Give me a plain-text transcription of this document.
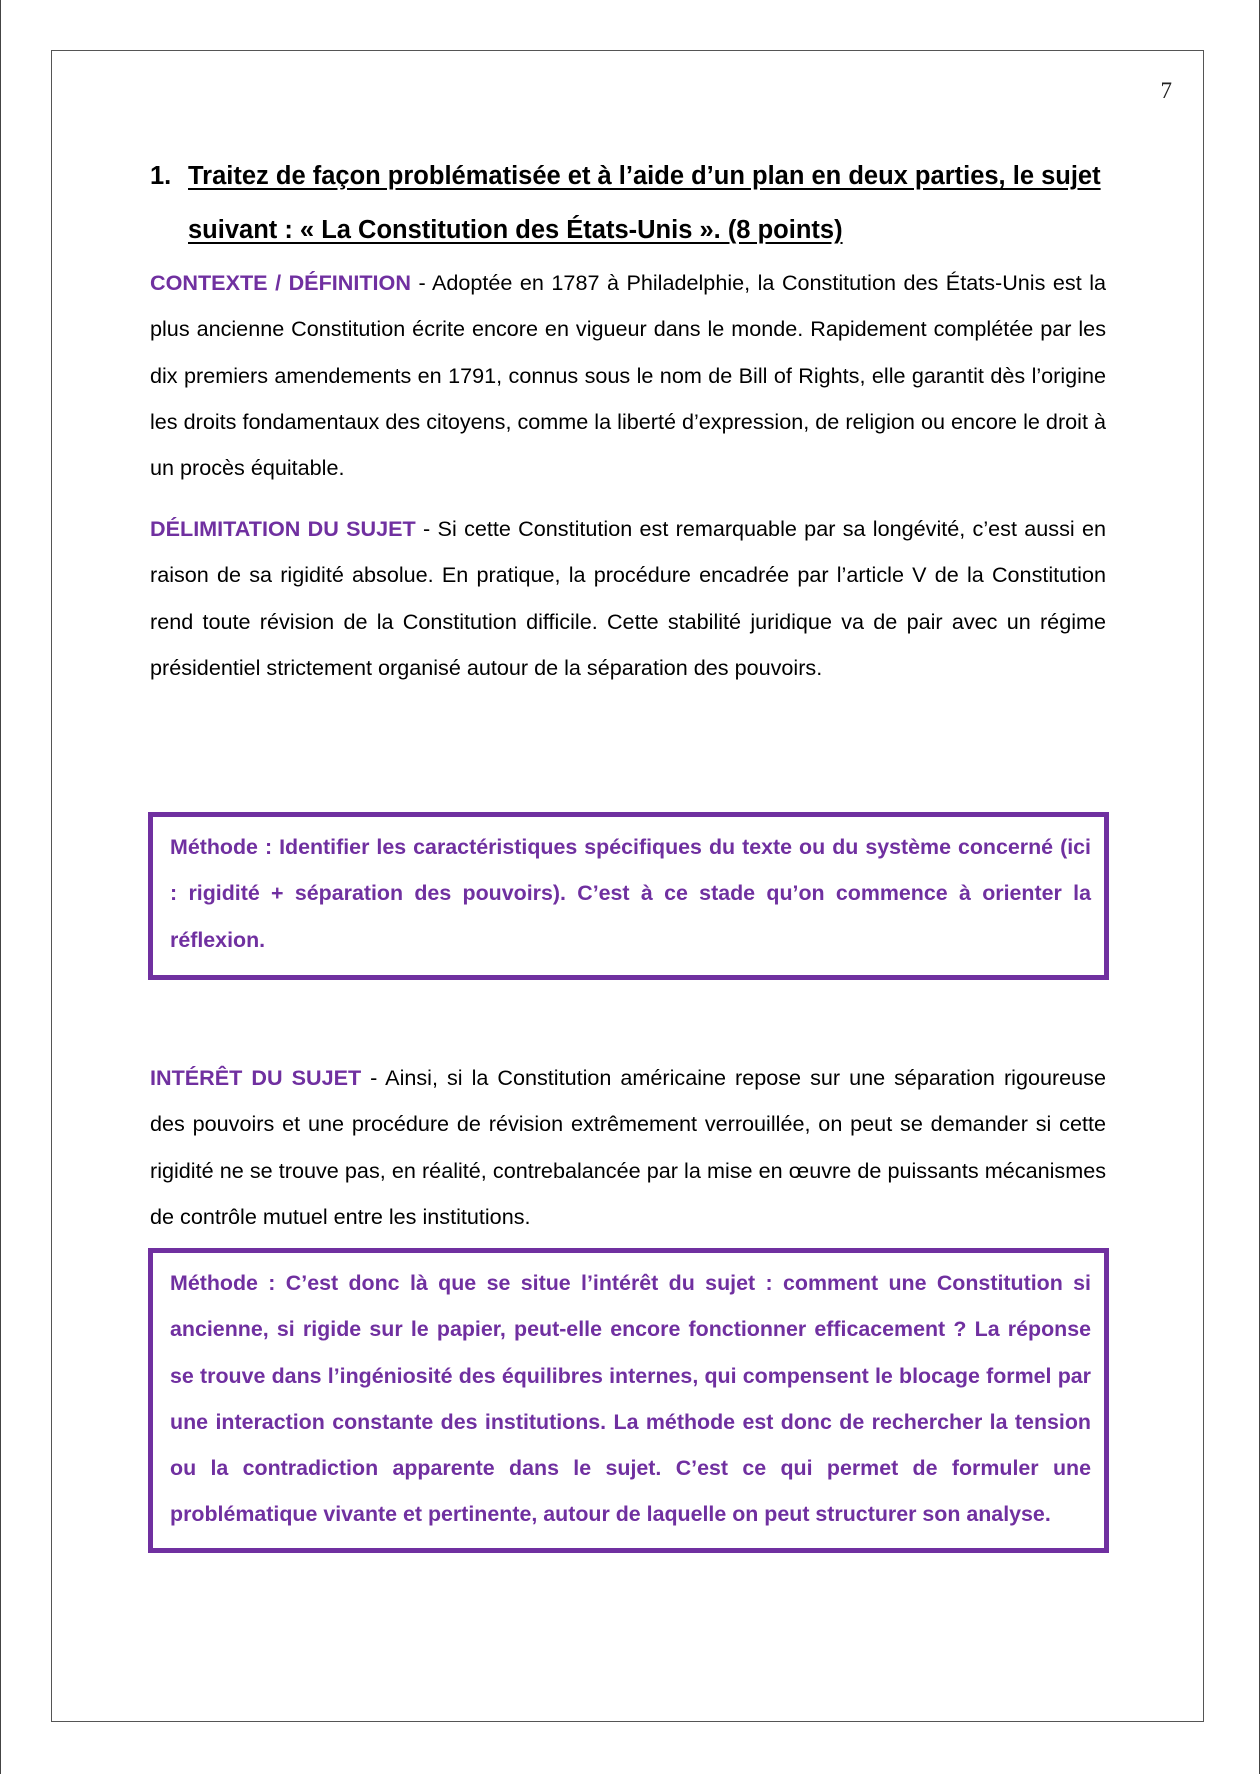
7
1. Traitez de façon problématisée et à l’aide d’un plan en deux parties, le sujet suivant : « La Constitution des États-Unis ». (8 points)

CONTEXTE / DÉFINITION - Adoptée en 1787 à Philadelphie, la Constitution des États-Unis est la plus ancienne Constitution écrite encore en vigueur dans le monde. Rapidement complétée par les dix premiers amendements en 1791, connus sous le nom de Bill of Rights, elle garantit dès l’origine les droits fondamentaux des citoyens, comme la liberté d’expression, de religion ou encore le droit à un procès équitable.

DÉLIMITATION DU SUJET - Si cette Constitution est remarquable par sa longévité, c’est aussi en raison de sa rigidité absolue. En pratique, la procédure encadrée par l’article V de la Constitution rend toute révision de la Constitution difficile. Cette stabilité juridique va de pair avec un régime présidentiel strictement organisé autour de la séparation des pouvoirs.

Méthode : Identifier les caractéristiques spécifiques du texte ou du système concerné (ici : rigidité + séparation des pouvoirs). C’est à ce stade qu’on commence à orienter la réflexion.

INTÉRÊT DU SUJET - Ainsi, si la Constitution américaine repose sur une séparation rigoureuse des pouvoirs et une procédure de révision extrêmement verrouillée, on peut se demander si cette rigidité ne se trouve pas, en réalité, contrebalancée par la mise en œuvre de puissants mécanismes de contrôle mutuel entre les institutions.

Méthode : C’est donc là que se situe l’intérêt du sujet : comment une Constitution si ancienne, si rigide sur le papier, peut-elle encore fonctionner efficacement ? La réponse se trouve dans l’ingéniosité des équilibres internes, qui compensent le blocage formel par une interaction constante des institutions. La méthode est donc de rechercher la tension ou la contradiction apparente dans le sujet. C’est ce qui permet de formuler une problématique vivante et pertinente, autour de laquelle on peut structurer son analyse.
